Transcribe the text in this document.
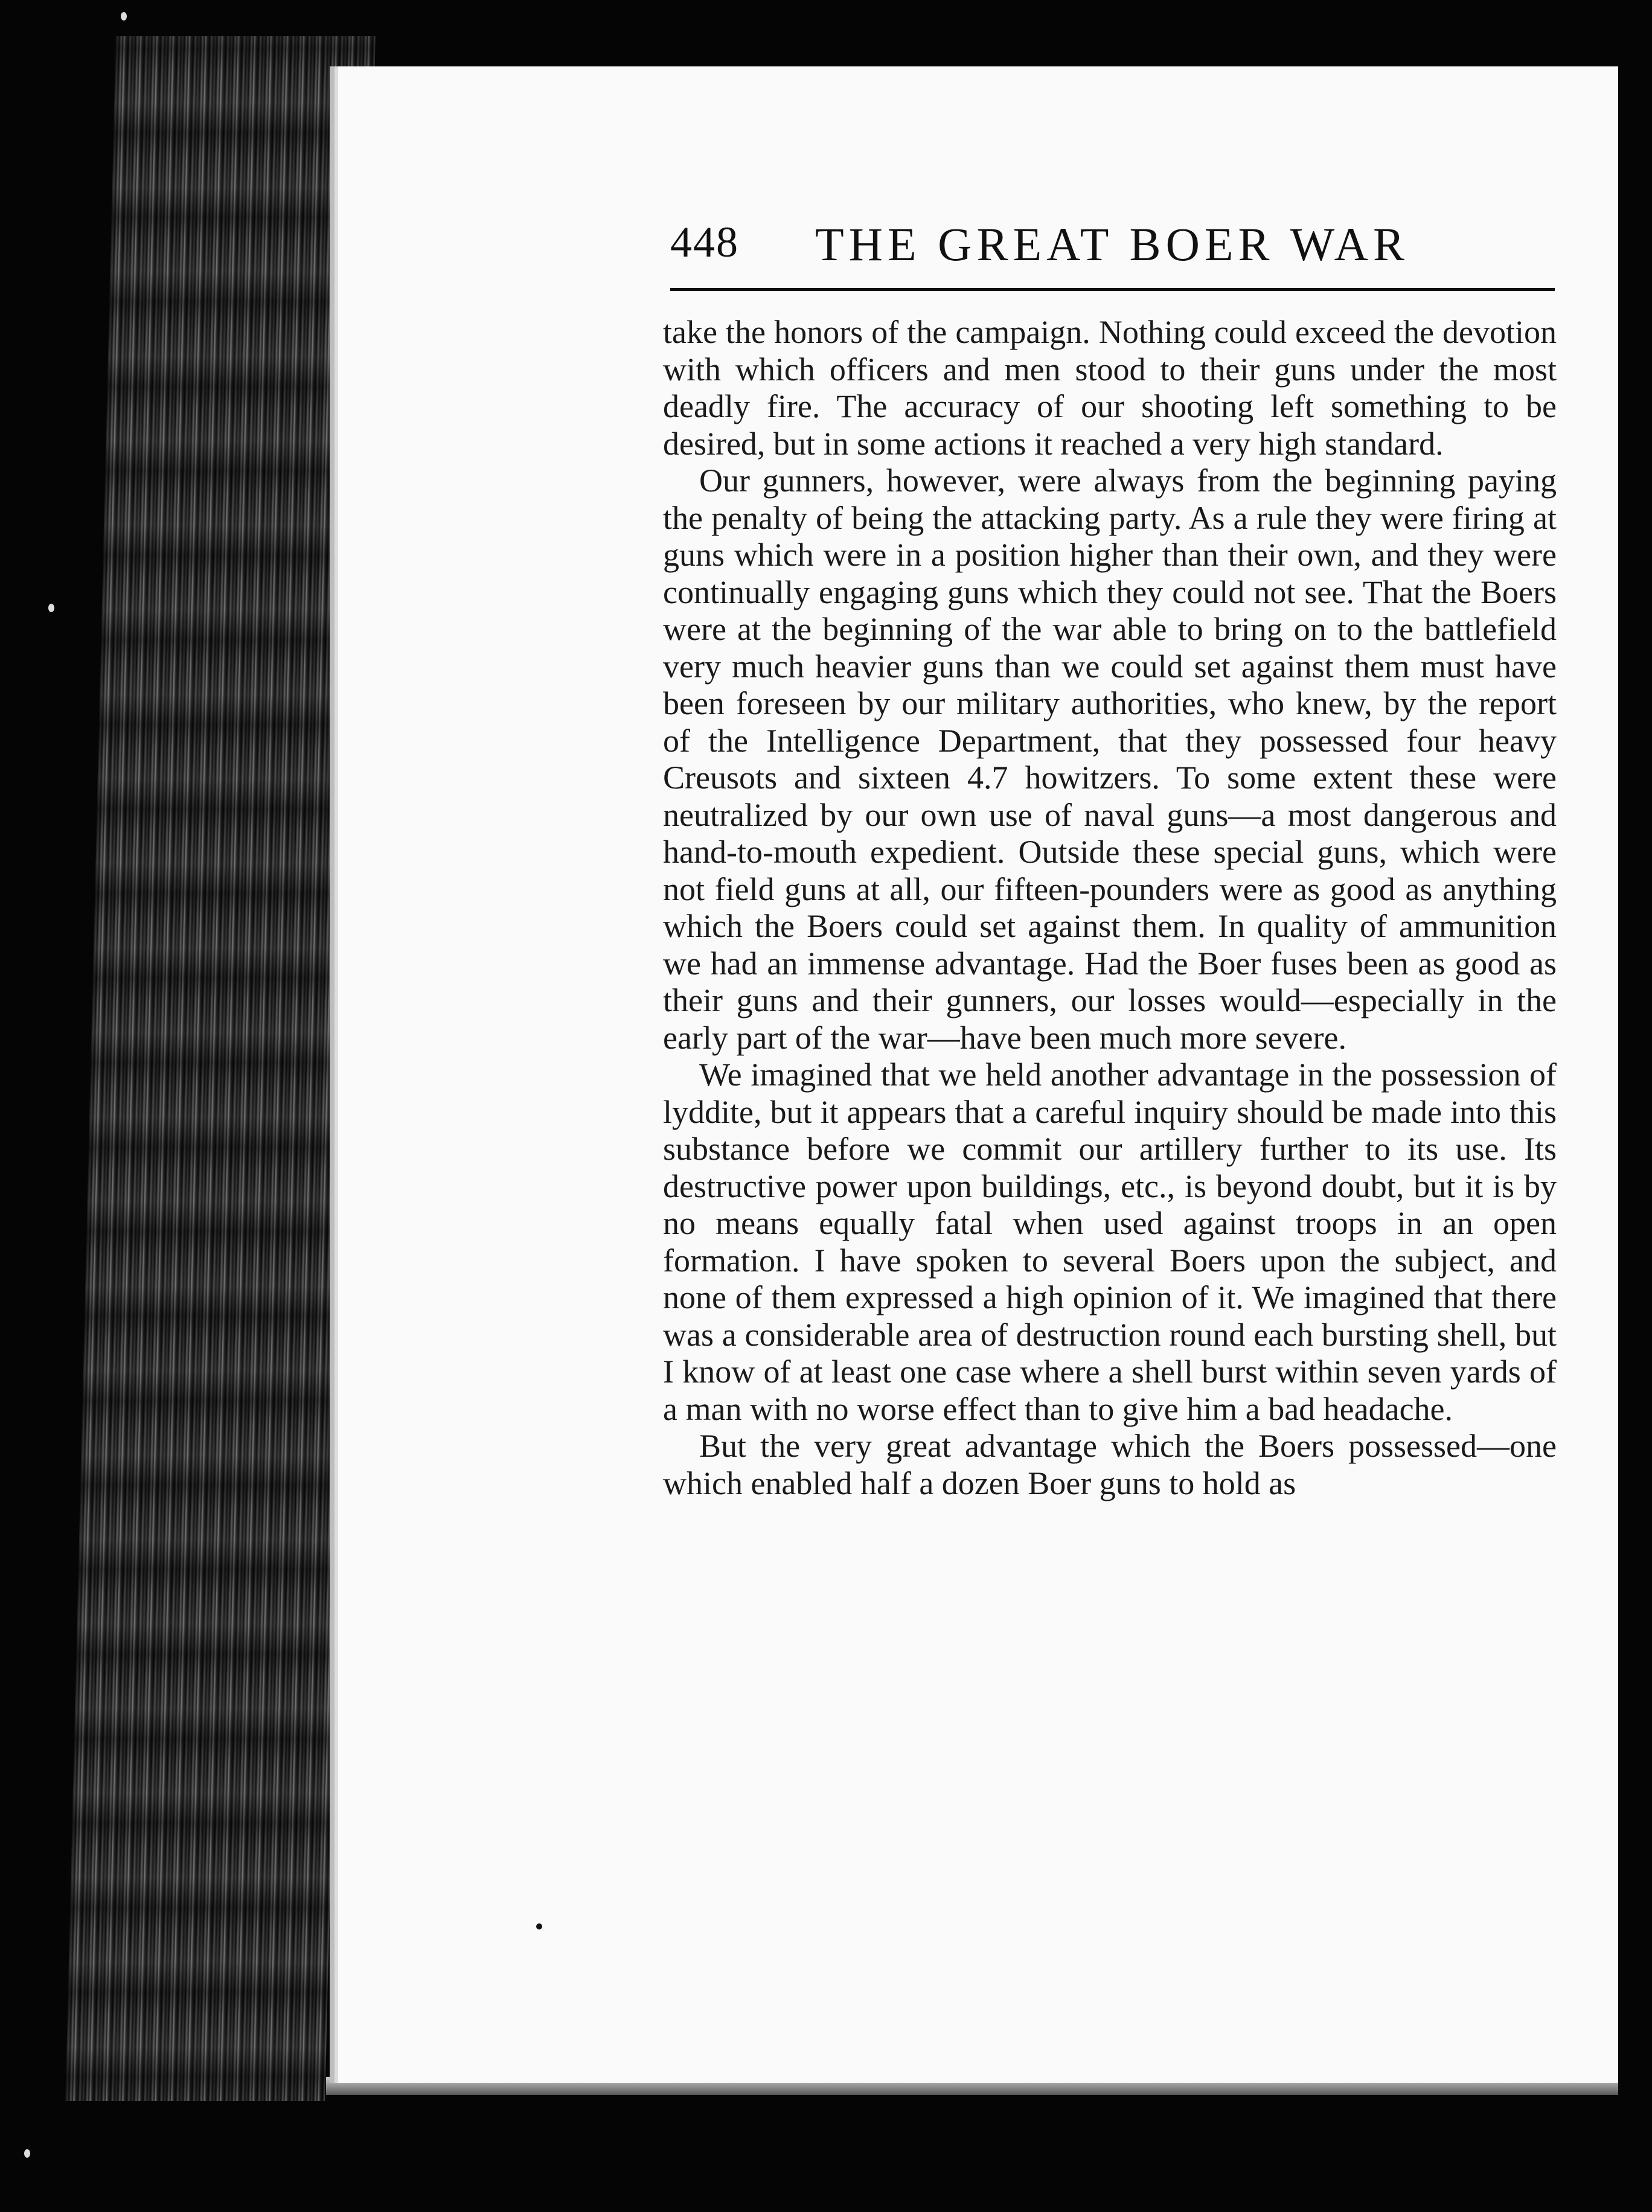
448 THE GREAT BOER WAR

take the honors of the campaign. Nothing could exceed the devotion with which officers and men stood to their guns under the most deadly fire. The accuracy of our shooting left something to be desired, but in some actions it reached a very high standard.

Our gunners, however, were always from the beginning paying the penalty of being the attacking party. As a rule they were firing at guns which were in a position higher than their own, and they were continually engaging guns which they could not see. That the Boers were at the beginning of the war able to bring on to the battlefield very much heavier guns than we could set against them must have been foreseen by our military authorities, who knew, by the report of the Intelligence Department, that they possessed four heavy Creusots and sixteen 4.7 howitzers. To some extent these were neutralized by our own use of naval guns—a most dangerous and hand-to-mouth expedient. Outside these special guns, which were not field guns at all, our fifteen-pounders were as good as anything which the Boers could set against them. In quality of ammunition we had an immense advantage. Had the Boer fuses been as good as their guns and their gunners, our losses would—especially in the early part of the war—have been much more severe.

We imagined that we held another advantage in the possession of lyddite, but it appears that a careful inquiry should be made into this substance before we commit our artillery further to its use. Its destructive power upon buildings, etc., is beyond doubt, but it is by no means equally fatal when used against troops in an open formation. I have spoken to several Boers upon the subject, and none of them expressed a high opinion of it. We imagined that there was a considerable area of destruction round each bursting shell, but I know of at least one case where a shell burst within seven yards of a man with no worse effect than to give him a bad headache.

But the very great advantage which the Boers possessed—one which enabled half a dozen Boer guns to hold as
